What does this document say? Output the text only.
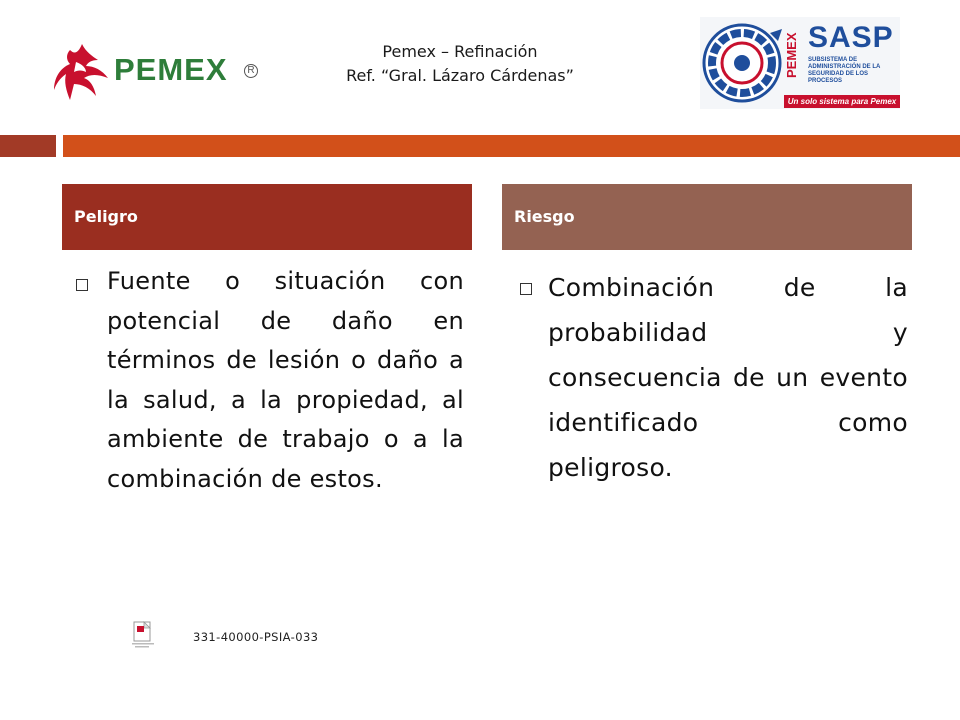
PEMEX	R
Pemex – Refinación
Ref. “Gral. Lázaro Cárdenas”	PEMEX SASP
SUBSISTEMA DE ADMINISTRACIÓN DE LA SEGURIDAD DE LOS PROCESOS
Un solo sistema para Pemex
Peligro	Riesgo
Fuente o situación con potencial de daño en términos de lesión o daño a la salud, a la propiedad, al ambiente de trabajo o a la combinación de estos.
Combinación de la probabilidad y consecuencia de un evento identificado como peligroso.
331-40000-PSIA-033
